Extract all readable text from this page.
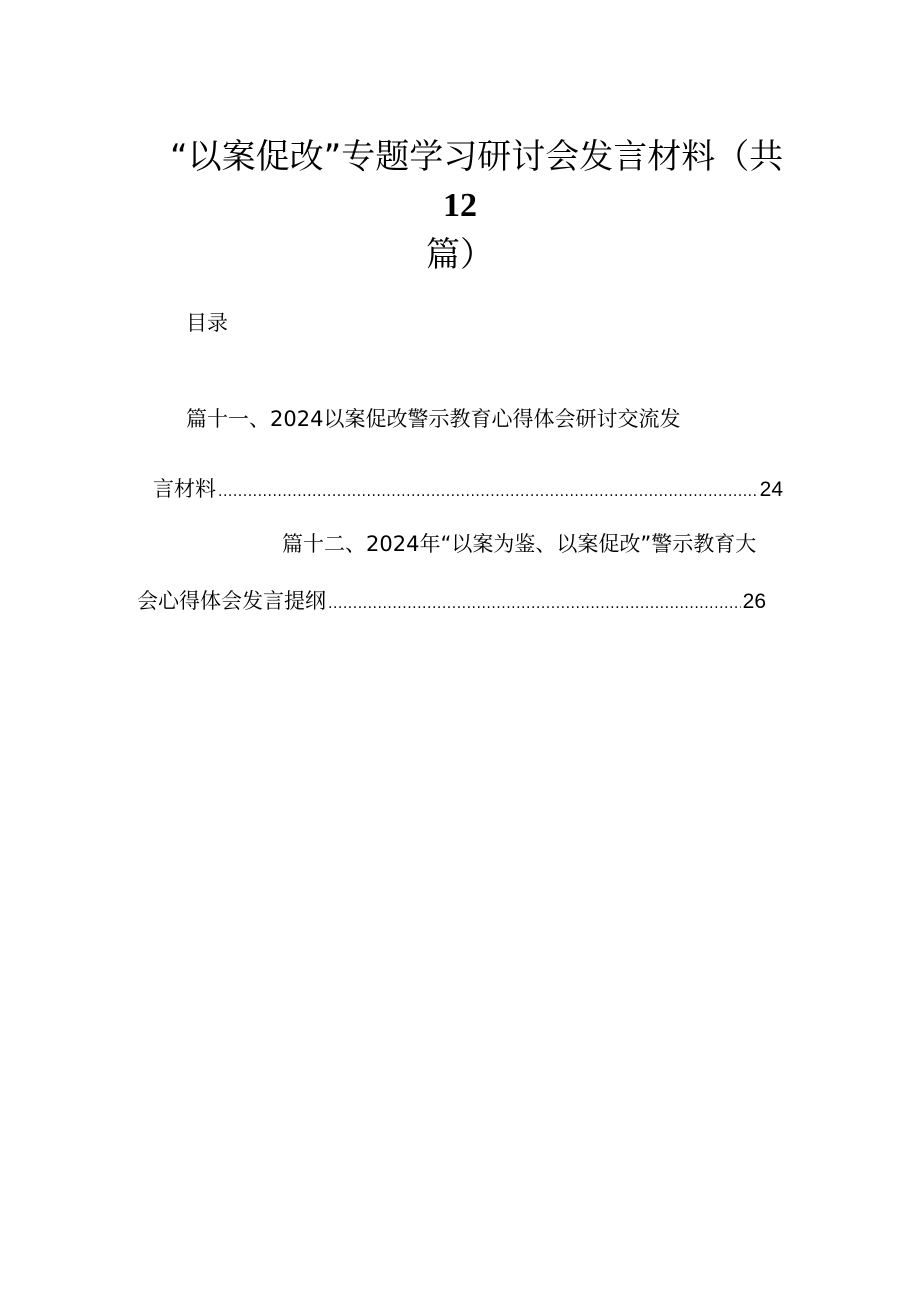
“以案促改”专题学习研讨会发言材料（共
12
篇）
目录
篇十一、2024以案促改警示教育心得体会研讨交流发
言材料 .....	24
篇十二、2024年“以案为鉴、以案促改”警示教育大
会心得体会发言提纲 .....	26
